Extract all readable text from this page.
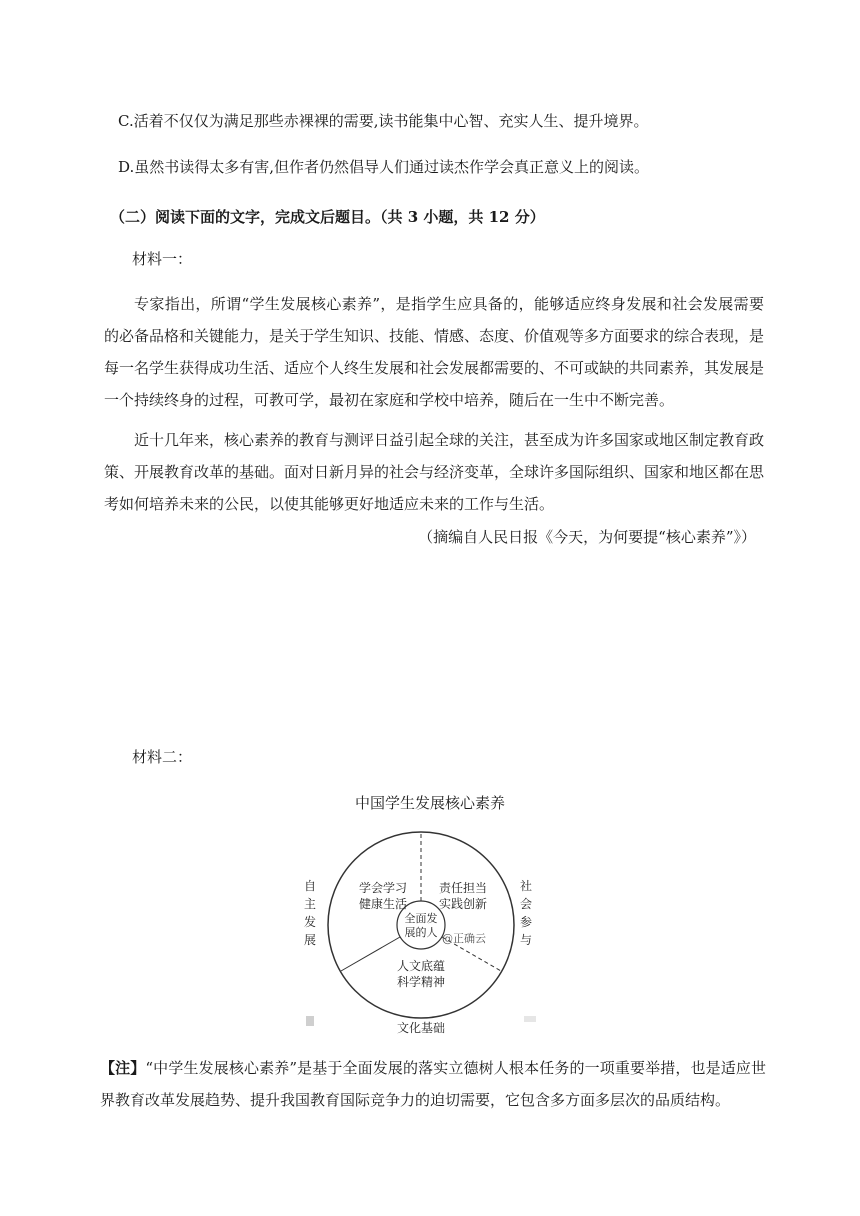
C.活着不仅仅为满足那些赤裸裸的需要,读书能集中心智、充实人生、提升境界。
D.虽然书读得太多有害,但作者仍然倡导人们通过读杰作学会真正意义上的阅读。
（二）阅读下面的文字，完成文后题目。（共 3 小题，共 12 分）
材料一：
专家指出，所谓“学生发展核心素养”，是指学生应具备的，能够适应终身发展和社会发展需要的必备品格和关键能力，是关于学生知识、技能、情感、态度、价值观等多方面要求的综合表现，是每一名学生获得成功生活、适应个人终生发展和社会发展都需要的、不可或缺的共同素养，其发展是一个持续终身的过程，可教可学，最初在家庭和学校中培养，随后在一生中不断完善。
近十几年来，核心素养的教育与测评日益引起全球的关注，甚至成为许多国家或地区制定教育政策、开展教育改革的基础。面对日新月异的社会与经济变革，全球许多国际组织、国家和地区都在思考如何培养未来的公民，以使其能够更好地适应未来的工作与生活。
（摘编自人民日报《今天，为何要提“核心素养”》）
材料二：
中国学生发展核心素养
全面发
展的人
学会学习
健康生活
责任担当
实践创新
人文底蕴
科学精神
@正确云
自
主
发
展
社
会
参
与
文化基础
【注】“中学生发展核心素养”是基于全面发展的落实立德树人根本任务的一项重要举措，也是适应世界教育改革发展趋势、提升我国教育国际竞争力的迫切需要，它包含多方面多层次的品质结构。
